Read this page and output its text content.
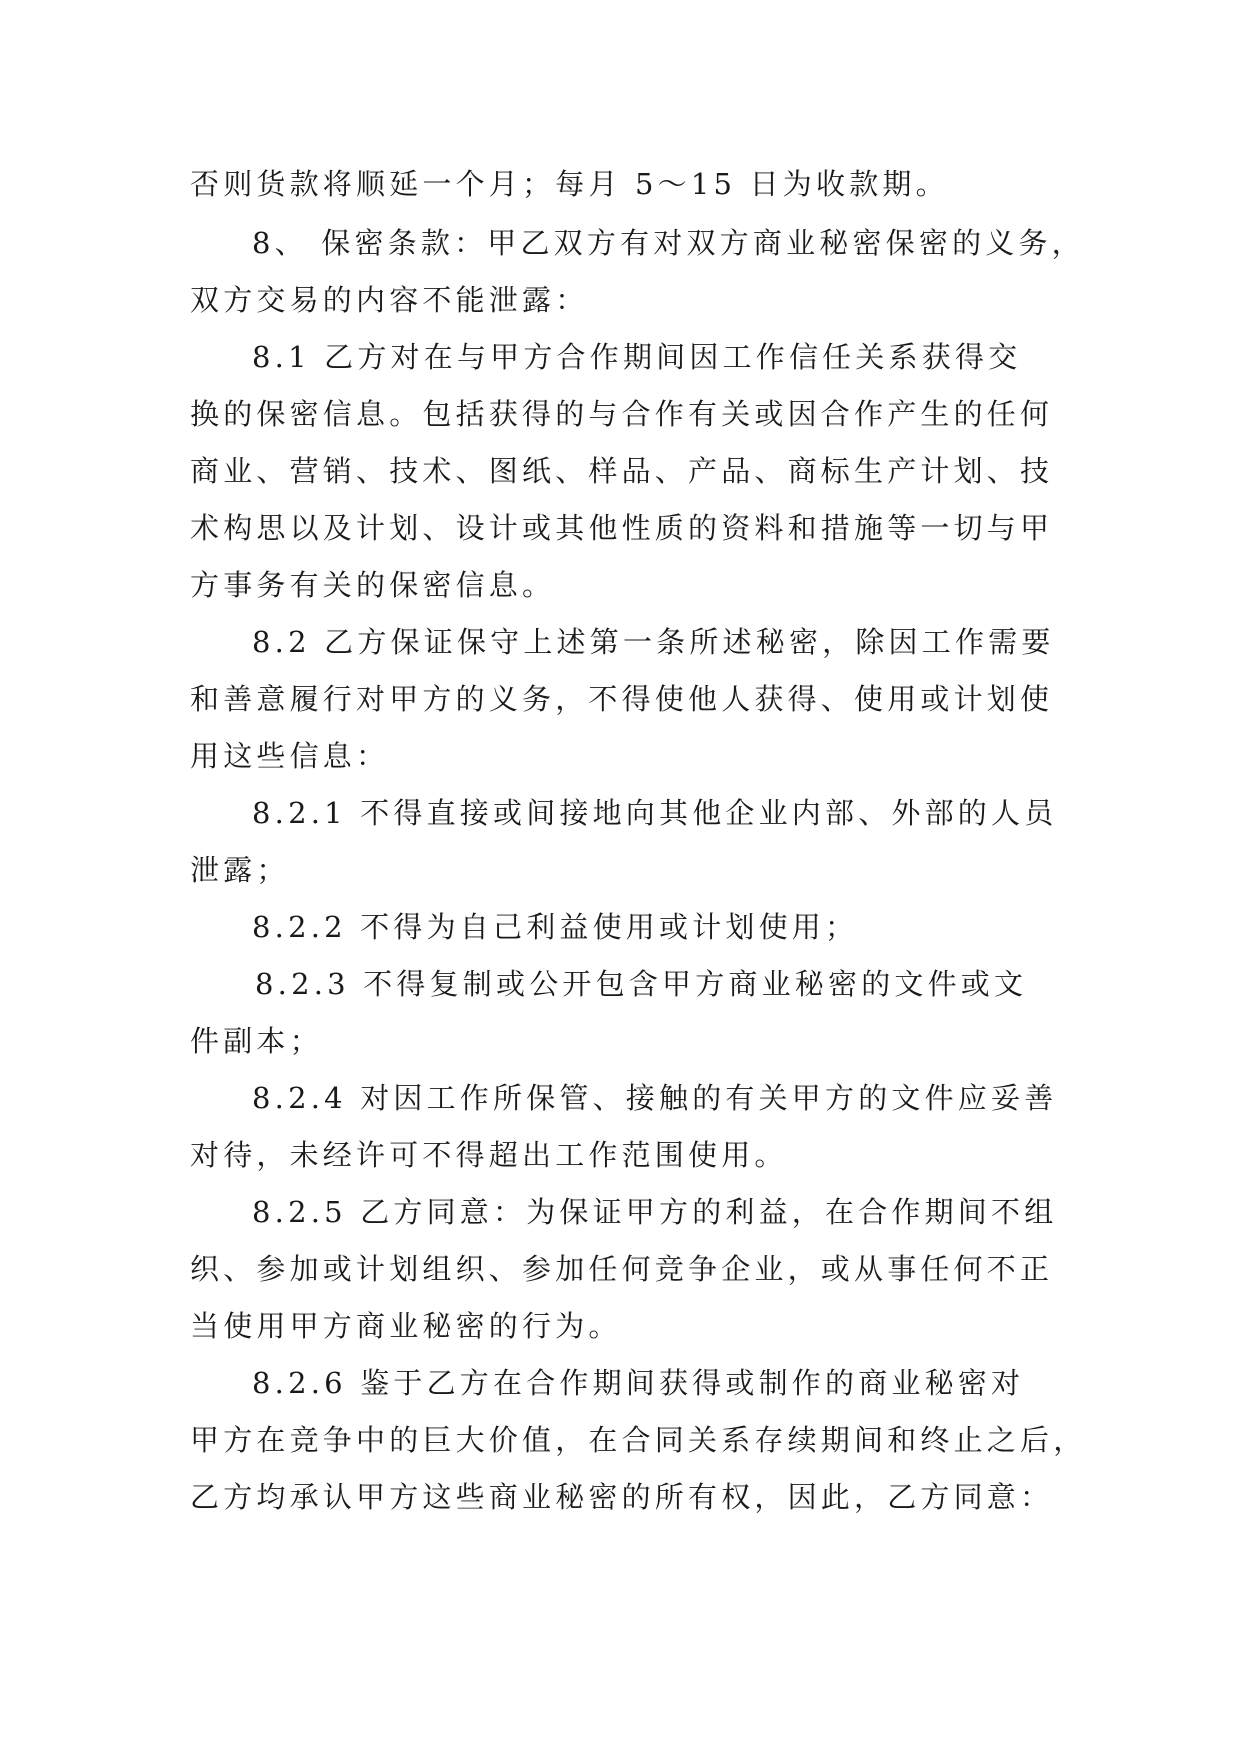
否则货款将顺延一个月；每月 5～15 日为收款期。
8、 保密条款：甲乙双方有对双方商业秘密保密的义务，
双方交易的内容不能泄露：
8.1 乙方对在与甲方合作期间因工作信任关系获得交
换的保密信息。包括获得的与合作有关或因合作产生的任何
商业、营销、技术、图纸、样品、产品、商标生产计划、技
术构思以及计划、设计或其他性质的资料和措施等一切与甲
方事务有关的保密信息。
8.2 乙方保证保守上述第一条所述秘密，除因工作需要
和善意履行对甲方的义务，不得使他人获得、使用或计划使
用这些信息：
8.2.1 不得直接或间接地向其他企业内部、外部的人员
泄露；
8.2.2 不得为自己利益使用或计划使用；
8.2.3 不得复制或公开包含甲方商业秘密的文件或文
件副本；
8.2.4 对因工作所保管、接触的有关甲方的文件应妥善
对待，未经许可不得超出工作范围使用。
8.2.5 乙方同意：为保证甲方的利益，在合作期间不组
织、参加或计划组织、参加任何竞争企业，或从事任何不正
当使用甲方商业秘密的行为。
8.2.6 鉴于乙方在合作期间获得或制作的商业秘密对
甲方在竞争中的巨大价值，在合同关系存续期间和终止之后，
乙方均承认甲方这些商业秘密的所有权，因此，乙方同意：
